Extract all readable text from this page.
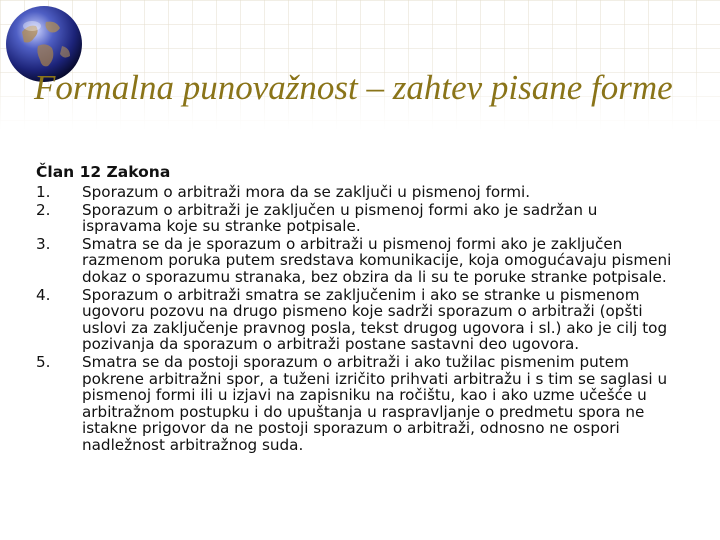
Formalna punovažnost – zahtev pisane forme

Član 12 Zakona

1.	Sporazum o arbitraži mora da se zaključi u pismenoj formi.
2.	Sporazum o arbitraži je zaključen u pismenoj formi ako je sadržan u ispravama koje su stranke potpisale.
3.	Smatra se da je sporazum o arbitraži u pismenoj formi ako je zaključen razmenom poruka putem sredstava komunikacije, koja omogućavaju pismeni dokaz o sporazumu stranaka, bez obzira da li su te poruke stranke potpisale.
4.	Sporazum o arbitraži smatra se zaključenim i ako se stranke u pismenom ugovoru pozovu na drugo pismeno koje sadrži sporazum o arbitraži (opšti uslovi za zaključenje pravnog posla, tekst drugog ugovora i sl.) ako je cilj tog pozivanja da sporazum o arbitraži postane sastavni deo ugovora.
5.	Smatra se da postoji sporazum o arbitraži i ako tužilac pismenim putem pokrene arbitražni spor, a tuženi izričito prihvati arbitražu i s tim se saglasi u pismenoj formi ili u izjavi na zapisniku na ročištu, kao i ako uzme učešće u arbitražnom postupku i do upuštanja u raspravljanje o predmetu spora ne istakne prigovor da ne postoji sporazum o arbitraži, odnosno ne ospori nadležnost arbitražnog suda.
